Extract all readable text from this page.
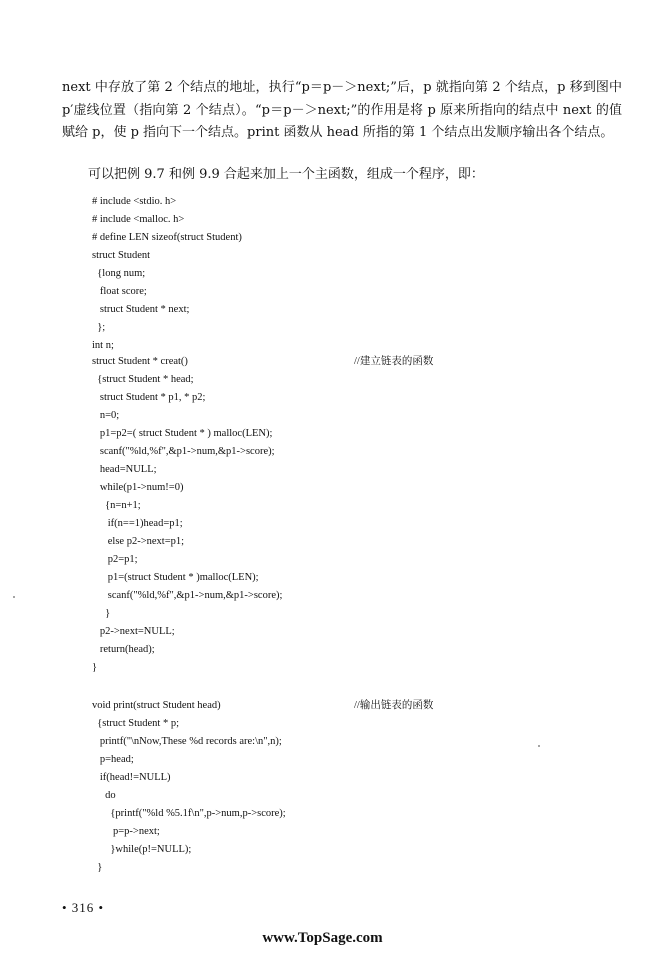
next 中存放了第 2 个结点的地址，执行“p＝p－＞next;”后，p 就指向第 2 个结点，p 移到图中 p′虚线位置（指向第 2 个结点）。“p＝p－＞next;”的作用是将 p 原来所指向的结点中 next 的值赋给 p，使 p 指向下一个结点。print 函数从 head 所指的第 1 个结点出发顺序输出各个结点。

可以把例 9.7 和例 9.9 合起来加上一个主函数，组成一个程序，即：

//建立链表的函数
//输出链表的函数
# include <stdio. h>
# include <malloc. h>
# define LEN sizeof(struct Student)
struct Student
{long num;
float score;
struct Student * next;
};
int n;
struct Student * creat()
{struct Student * head;
struct Student * p1, * p2;
n=0;
p1=p2=( struct Student * ) malloc(LEN);
scanf("%ld,%f",&p1->num,&p1->score);
head=NULL;
while(p1->num!=0)
{n=n+1;
if(n==1)head=p1;
else p2->next=p1;
p2=p1;
p1=(struct Student * )malloc(LEN);
scanf("%ld,%f",&p1->num,&p1->score);
}
p2->next=NULL;
return(head);
}
void print(struct Student head)
{struct Student * p;
printf("\nNow,These %d records are:\n",n);
p=head;
if(head!=NULL)
do
{printf("%ld %5.1f\n",p->num,p->score);
p=p->next;
}while(p!=NULL);
}
• 316 •
www.TopSage.com
